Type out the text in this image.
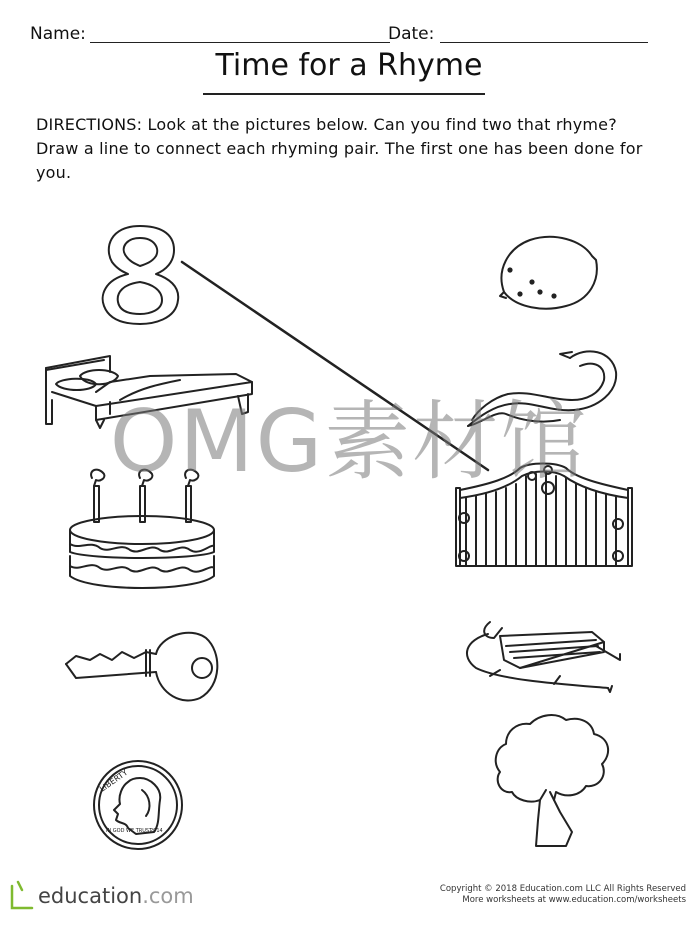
Name:	Date:
Time for a Rhyme
DIRECTIONS: Look at the pictures below. Can you find two that rhyme? Draw a line to connect each rhyming pair. The first one has been done for you.
LIBERTY
IN GOD WE TRUST
2014
OMG素材馆
education.com	Copyright © 2018 Education.com LLC All Rights Reserved
More worksheets at www.education.com/worksheets
